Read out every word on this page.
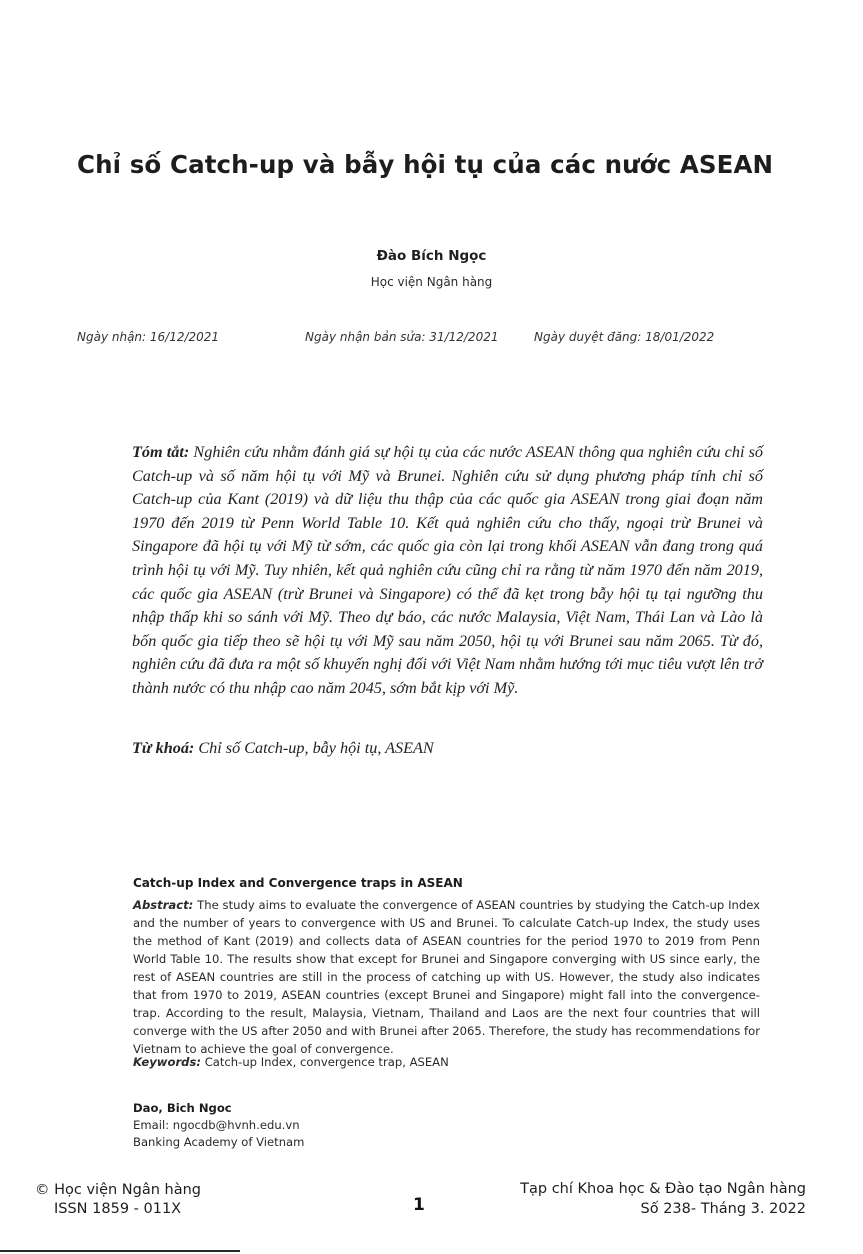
Chỉ số Catch-up và bẫy hội tụ của các nước ASEAN
Đào Bích Ngọc
Học viện Ngân hàng
Ngày nhận: 16/12/2021	Ngày nhận bản sửa: 31/12/2021	Ngày duyệt đăng: 18/01/2022
Tóm tắt: Nghiên cứu nhằm đánh giá sự hội tụ của các nước ASEAN thông qua nghiên cứu chỉ số Catch-up và số năm hội tụ với Mỹ và Brunei. Nghiên cứu sử dụng phương pháp tính chỉ số Catch-up của Kant (2019) và dữ liệu thu thập của các quốc gia ASEAN trong giai đoạn năm 1970 đến 2019 từ Penn World Table 10. Kết quả nghiên cứu cho thấy, ngoại trừ Brunei và Singapore đã hội tụ với Mỹ từ sớm, các quốc gia còn lại trong khối ASEAN vẫn đang trong quá trình hội tụ với Mỹ. Tuy nhiên, kết quả nghiên cứu cũng chỉ ra rằng từ năm 1970 đến năm 2019, các quốc gia ASEAN (trừ Brunei và Singapore) có thể đã kẹt trong bẫy hội tụ tại ngưỡng thu nhập thấp khi so sánh với Mỹ. Theo dự báo, các nước Malaysia, Việt Nam, Thái Lan và Lào là bốn quốc gia tiếp theo sẽ hội tụ với Mỹ sau năm 2050, hội tụ với Brunei sau năm 2065. Từ đó, nghiên cứu đã đưa ra một số khuyến nghị đối với Việt Nam nhằm hướng tới mục tiêu vượt lên trở thành nước có thu nhập cao năm 2045, sớm bắt kịp với Mỹ.
Từ khoá: Chỉ số Catch-up, bẫy hội tụ, ASEAN
Catch-up Index and Convergence traps in ASEAN
Abstract: The study aims to evaluate the convergence of ASEAN countries by studying the Catch-up Index and the number of years to convergence with US and Brunei. To calculate Catch-up Index, the study uses the method of Kant (2019) and collects data of ASEAN countries for the period 1970 to 2019 from Penn World Table 10. The results show that except for Brunei and Singapore converging with US since early, the rest of ASEAN countries are still in the process of catching up with US. However, the study also indicates that from 1970 to 2019, ASEAN countries (except Brunei and Singapore) might fall into the convergence- trap. According to the result, Malaysia, Vietnam, Thailand and Laos are the next four countries that will converge with the US after 2050 and with Brunei after 2065. Therefore, the study has recommendations for Vietnam to achieve the goal of convergence.
Keywords: Catch-up Index, convergence trap, ASEAN
Dao, Bich Ngoc
Email: ngocdb@hvnh.edu.vn
Banking Academy of Vietnam
© Học viện Ngân hàng
ISSN 1859 - 011X	1
Tạp chí Khoa học & Đào tạo Ngân hàng
Số 238- Tháng 3. 2022
